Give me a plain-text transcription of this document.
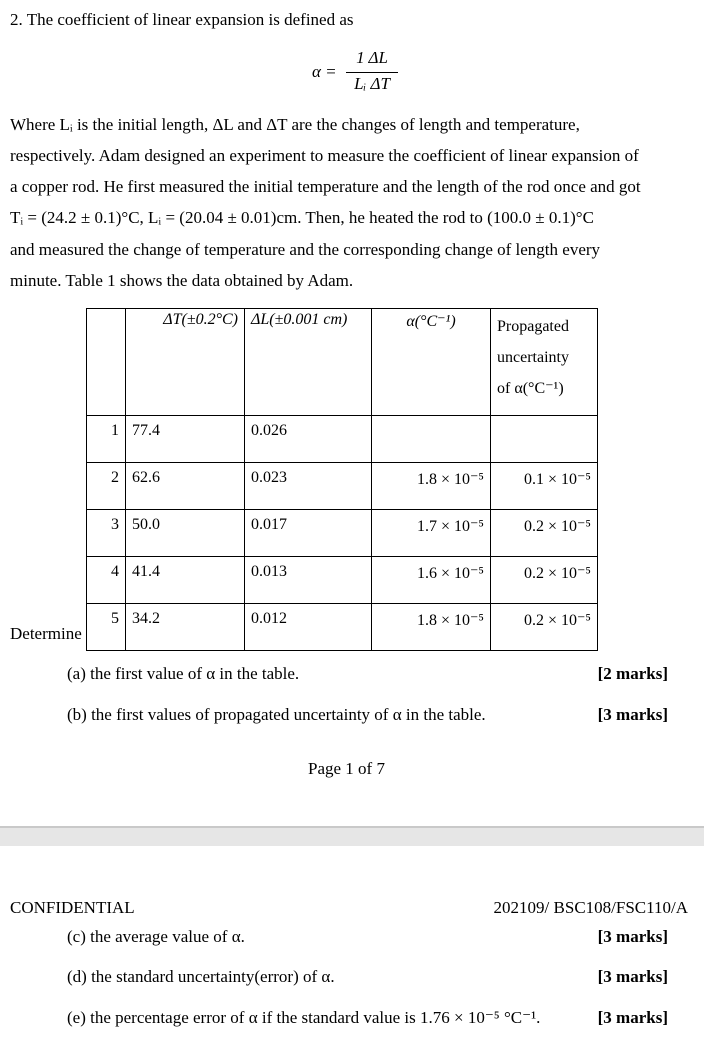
2. The coefficient of linear expansion is defined as
α =
1 ΔL
Lᵢ ΔT
Where Lᵢ is the initial length, ΔL and ΔT are the changes of length and temperature,
respectively. Adam designed an experiment to measure the coefficient of linear expansion of
a copper rod. He first measured the initial temperature and the length of the rod once and got
Tᵢ = (24.2 ± 0.1)°C, Lᵢ = (20.04 ± 0.01)cm. Then, he heated the rod to (100.0 ± 0.1)°C
and measured the change of temperature and the corresponding change of length every
minute. Table 1 shows the data obtained by Adam.
	ΔT(±0.2°C)	ΔL(±0.001 cm)	α(°C⁻¹)	Propagated
uncertainty
of α(°C⁻¹)

1	77.4	0.026		
2	62.6	0.023	1.8 × 10⁻⁵	0.1 × 10⁻⁵
3	50.0	0.017	1.7 × 10⁻⁵	0.2 × 10⁻⁵
4	41.4	0.013	1.6 × 10⁻⁵	0.2 × 10⁻⁵
5	34.2	0.012	1.8 × 10⁻⁵	0.2 × 10⁻⁵
Determine
(a) the first value of α in the table.	[2 marks]
(b) the first values of propagated uncertainty of α in the table.	[3 marks]
Page 1 of 7
CONFIDENTIAL	202109/ BSC108/FSC110/A
(c) the average value of α.	[3 marks]
(d) the standard uncertainty(error) of α.	[3 marks]
(e) the percentage error of α if the standard value is 1.76 × 10⁻⁵ °C⁻¹.	[3 marks]
